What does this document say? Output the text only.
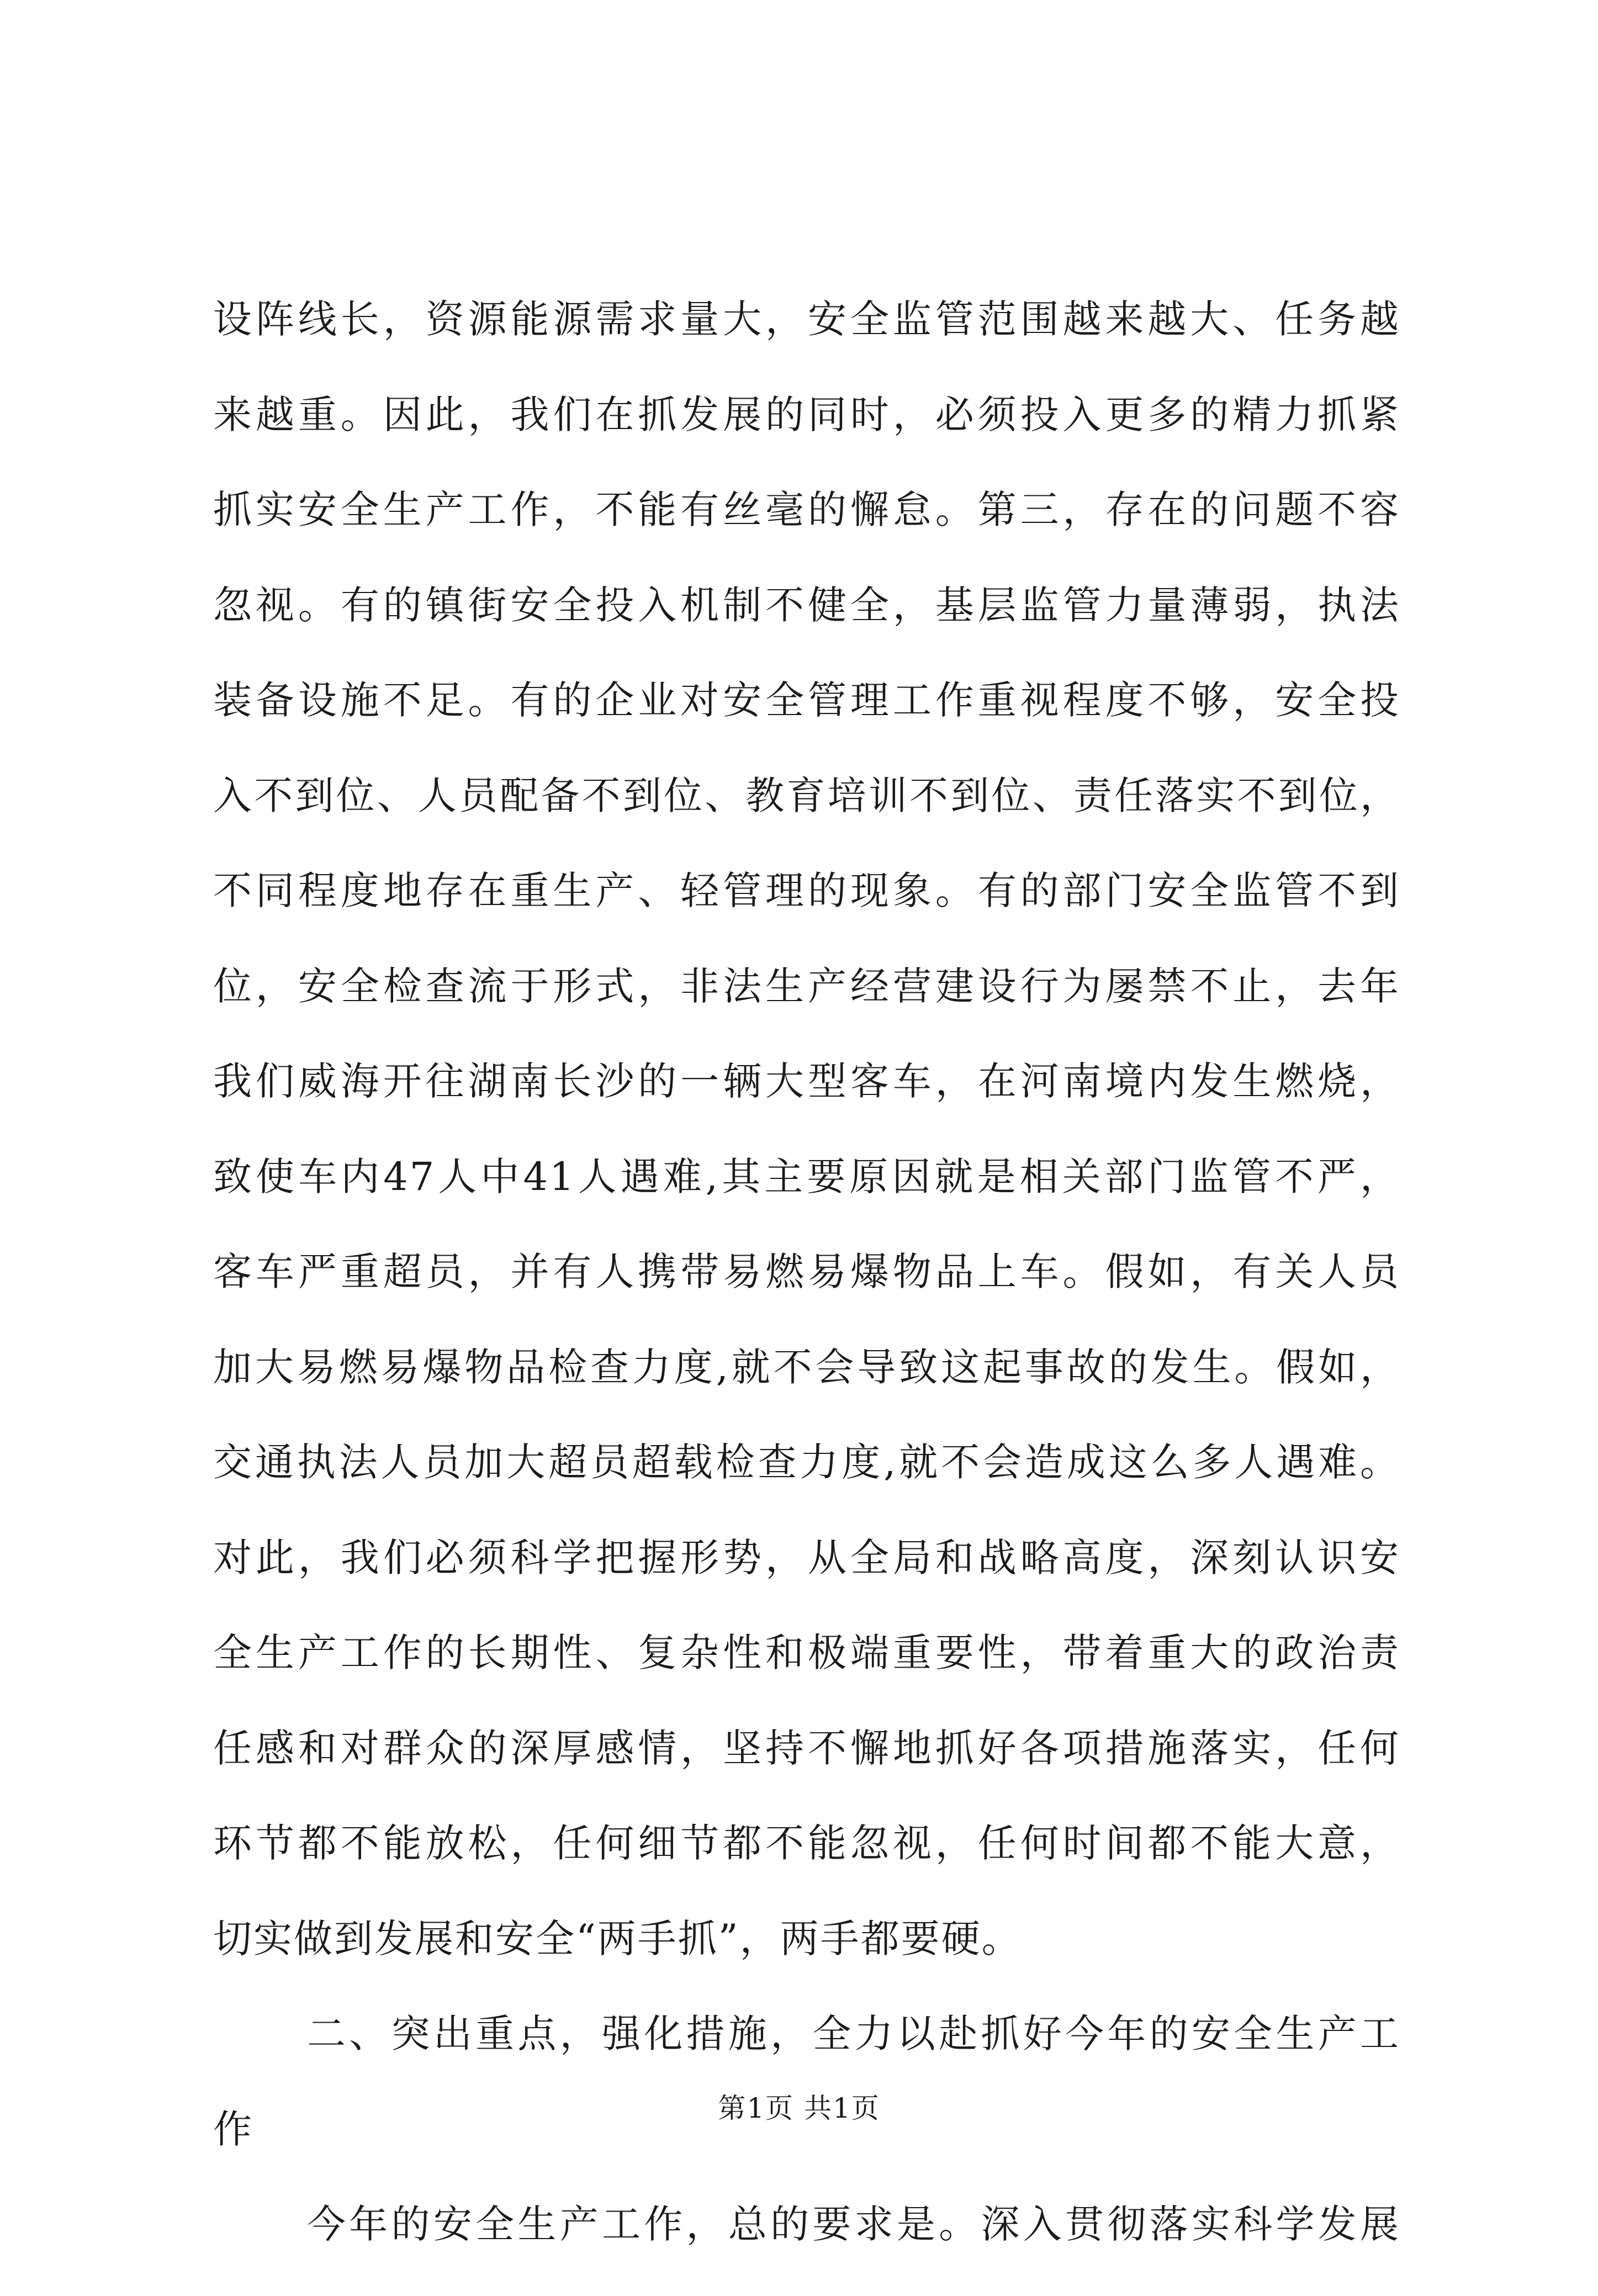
设阵线长，资源能源需求量大，安全监管范围越来越大、任务越
来越重。因此，我们在抓发展的同时，必须投入更多的精力抓紧
抓实安全生产工作，不能有丝毫的懈怠。第三，存在的问题不容
忽视。有的镇街安全投入机制不健全，基层监管力量薄弱，执法
装备设施不足。有的企业对安全管理工作重视程度不够，安全投
入不到位、人员配备不到位、教育培训不到位、责任落实不到位，
不同程度地存在重生产、轻管理的现象。有的部门安全监管不到
位，安全检查流于形式，非法生产经营建设行为屡禁不止，去年
我们威海开往湖南长沙的一辆大型客车，在河南境内发生燃烧，
致使车内47人中41人遇难,其主要原因就是相关部门监管不严，
客车严重超员，并有人携带易燃易爆物品上车。假如，有关人员
加大易燃易爆物品检查力度,就不会导致这起事故的发生。假如，
交通执法人员加大超员超载检查力度,就不会造成这么多人遇难。
对此，我们必须科学把握形势，从全局和战略高度，深刻认识安
全生产工作的长期性、复杂性和极端重要性，带着重大的政治责
任感和对群众的深厚感情，坚持不懈地抓好各项措施落实，任何
环节都不能放松，任何细节都不能忽视，任何时间都不能大意，
切实做到发展和安全“两手抓”，两手都要硬。
二、突出重点，强化措施，全力以赴抓好今年的安全生产工
作
今年的安全生产工作，总的要求是。深入贯彻落实科学发展
第1页 共1页
